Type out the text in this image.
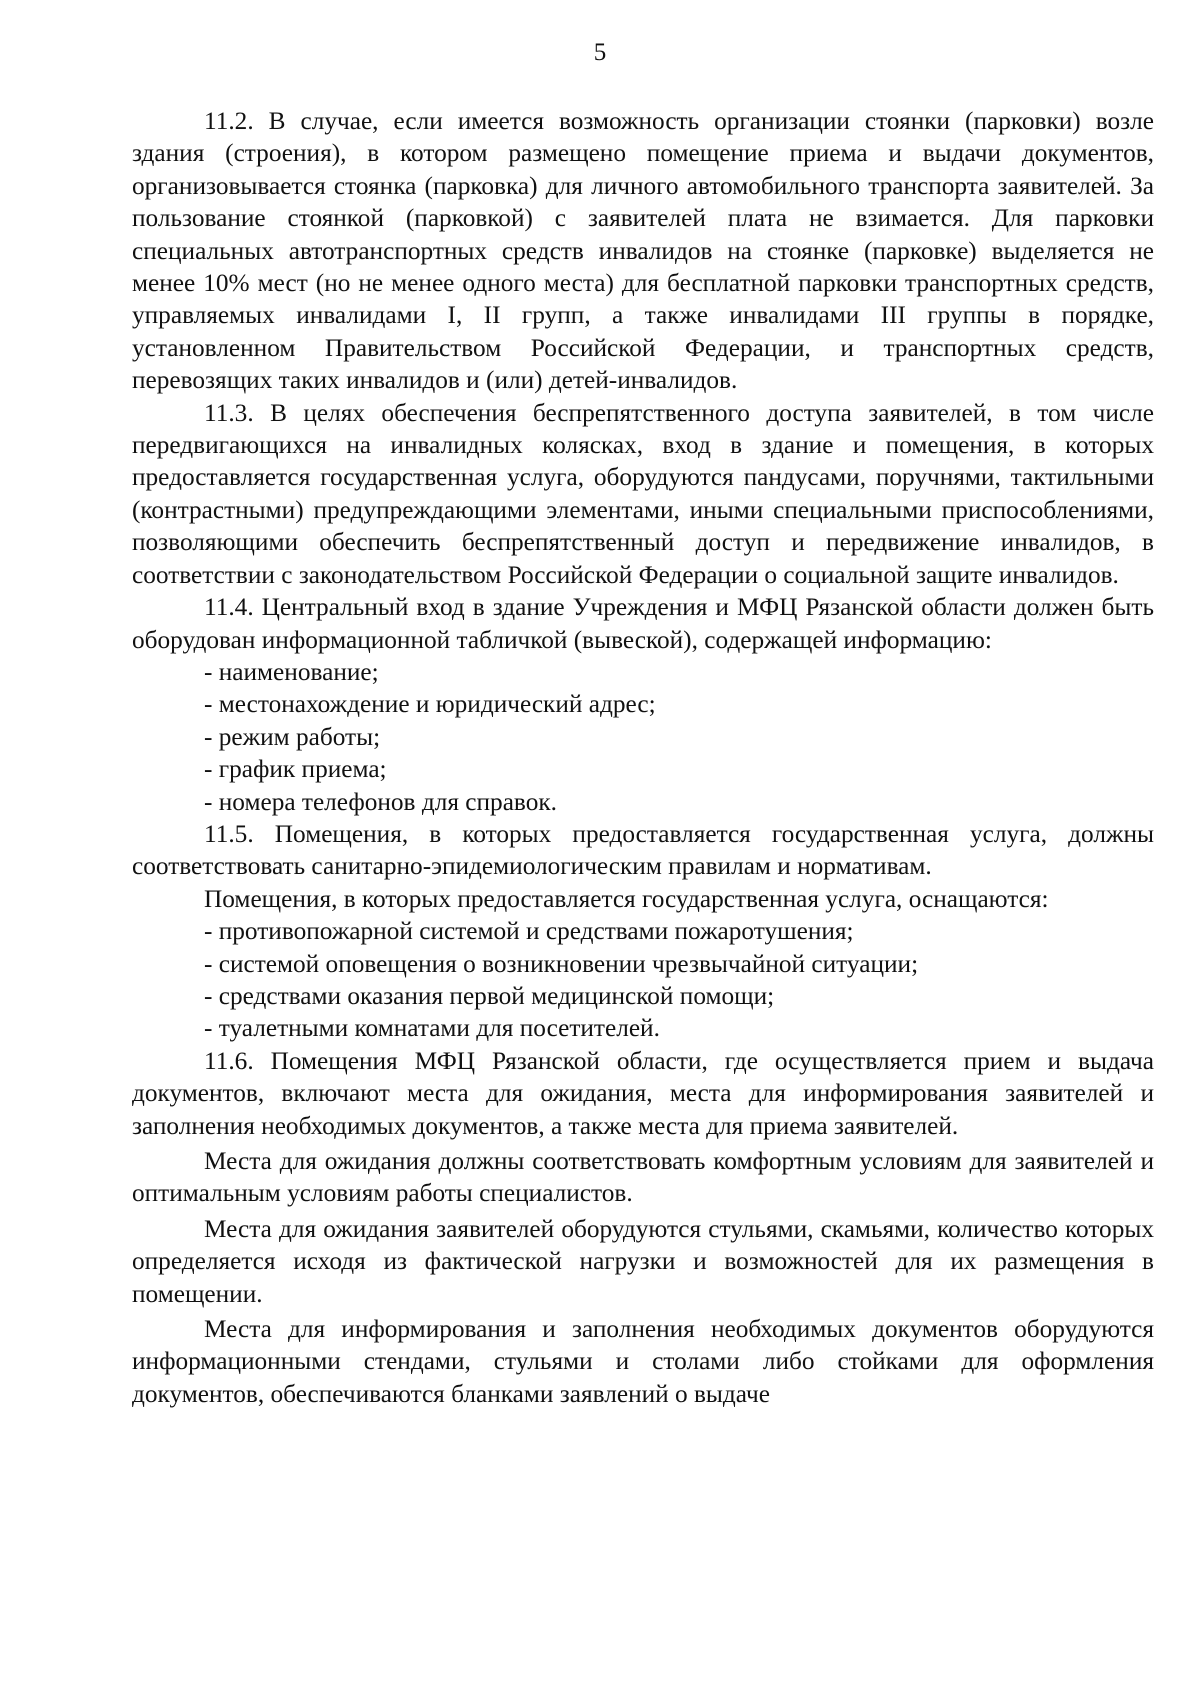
5

11.2. В случае, если имеется возможность организации стоянки (парковки) возле здания (строения), в котором размещено помещение приема и выдачи документов, организовывается стоянка (парковка) для личного автомобильного транспорта заявителей. За пользование стоянкой (парковкой) с заявителей плата не взимается. Для парковки специальных автотранспортных средств инвалидов на стоянке (парковке) выделяется не менее 10% мест (но не менее одного места) для бесплатной парковки транспортных средств, управляемых инвалидами I, II групп, а также инвалидами III группы в порядке, установленном Правительством Российской Федерации, и транспортных средств, перевозящих таких инвалидов и (или) детей-инвалидов.

11.3. В целях обеспечения беспрепятственного доступа заявителей, в том числе передвигающихся на инвалидных колясках, вход в здание и помещения, в которых предоставляется государственная услуга, оборудуются пандусами, поручнями, тактильными (контрастными) предупреждающими элементами, иными специальными приспособлениями, позволяющими обеспечить беспрепятственный доступ и передвижение инвалидов, в соответствии с законодательством Российской Федерации о социальной защите инвалидов.

11.4. Центральный вход в здание Учреждения и МФЦ Рязанской области должен быть оборудован информационной табличкой (вывеской), содержащей информацию:

- наименование;
- местонахождение и юридический адрес;
- режим работы;
- график приема;
- номера телефонов для справок.

11.5. Помещения, в которых предоставляется государственная услуга, должны соответствовать санитарно-эпидемиологическим правилам и нормативам.

Помещения, в которых предоставляется государственная услуга, оснащаются:

- противопожарной системой и средствами пожаротушения;
- системой оповещения о возникновении чрезвычайной ситуации;
- средствами оказания первой медицинской помощи;
- туалетными комнатами для посетителей.

11.6. Помещения МФЦ Рязанской области, где осуществляется прием и выдача документов, включают места для ожидания, места для информирования заявителей и заполнения необходимых документов, а также места для приема заявителей.

Места для ожидания должны соответствовать комфортным условиям для заявителей и оптимальным условиям работы специалистов.

Места для ожидания заявителей оборудуются стульями, скамьями, количество которых определяется исходя из фактической нагрузки и возможностей для их размещения в помещении.

Места для информирования и заполнения необходимых документов оборудуются информационными стендами, стульями и столами либо стойками для оформления документов, обеспечиваются бланками заявлений о выдаче
